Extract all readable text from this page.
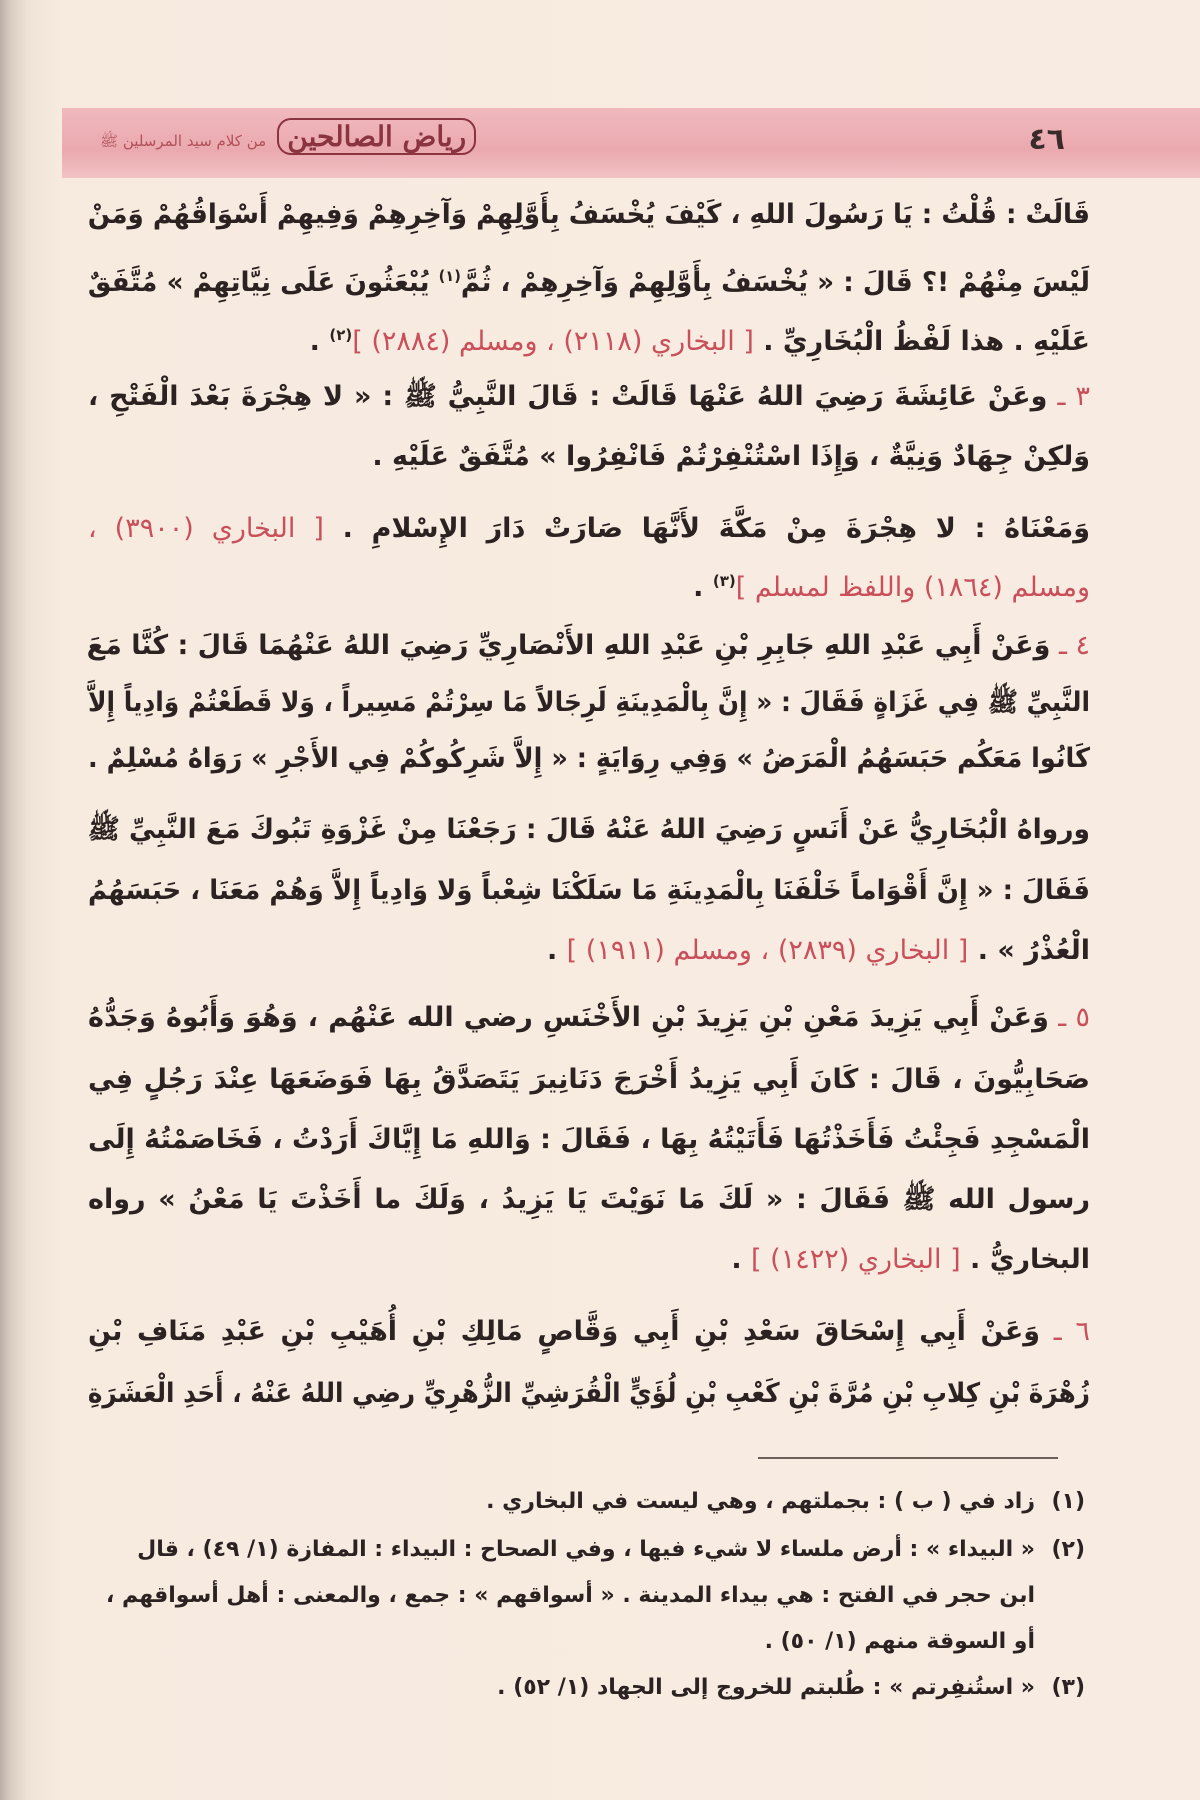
٤٦
رياض الصالحين من كلام سيد المرسلين ﷺ
قَالَتْ : قُلْتُ : يَا رَسُولَ اللهِ ، كَيْفَ يُخْسَفُ بِأَوَّلِهِمْ وَآخِرِهِمْ وَفِيهِمْ أَسْوَاقُهُمْ وَمَنْ
لَيْسَ مِنْهُمْ !؟ قَالَ : « يُخْسَفُ بِأَوَّلِهِمْ وَآخِرِهِمْ ، ثُمَّ$^{(١)}$ يُبْعَثُونَ عَلَى نِيَّاتِهِمْ » مُتَّفَقٌ
عَلَيْهِ . هذا لَفْظُ الْبُخَارِيِّ . [ البخاري (٢١١٨) ، ومسلم (٢٨٨٤) ]$^{(٢)}$ .
٣ ـ وعَنْ عَائِشَةَ رَضِيَ اللهُ عَنْهَا قَالَتْ : قَالَ النَّبِيُّ ﷺ : « لا هِجْرَةَ بَعْدَ الْفَتْحِ ،
وَلكِنْ جِهَادٌ وَنِيَّةٌ ، وَإِذَا اسْتُنْفِرْتُمْ فَانْفِرُوا » مُتَّفَقٌ عَلَيْهِ .
وَمَعْنَاهُ : لا هِجْرَةَ مِنْ مَكَّةَ لأَنَّهَا صَارَتْ دَارَ الإِسْلامِ . [ البخاري (٣٩٠٠) ،
ومسلم (١٨٦٤) واللفظ لمسلم ]$^{(٣)}$ .
٤ ـ وَعَنْ أَبِي عَبْدِ اللهِ جَابِرِ بْنِ عَبْدِ اللهِ الأَنْصَارِيِّ رَضِيَ اللهُ عَنْهُمَا قَالَ : كُنَّا مَعَ
النَّبِيِّ ﷺ فِي غَزَاةٍ فَقَالَ : « إِنَّ بِالْمَدِينَةِ لَرِجَالاً مَا سِرْتُمْ مَسِيراً ، وَلا قَطَعْتُمْ وَادِياً إِلاَّ
كَانُوا مَعَكُم حَبَسَهُمُ الْمَرَضُ » وَفِي رِوَايَةٍ : « إِلاَّ شَرِكُوكُمْ فِي الأَجْرِ » رَوَاهُ مُسْلِمٌ .
ورواهُ الْبُخَارِيُّ عَنْ أَنَسٍ رَضِيَ اللهُ عَنْهُ قَالَ : رَجَعْنَا مِنْ غَزْوَةِ تَبُوكَ مَعَ النَّبِيِّ ﷺ
فَقَالَ : « إِنَّ أَقْوَاماً خَلْفَنَا بِالْمَدِينَةِ مَا سَلَكْنَا شِعْباً وَلا وَادِياً إِلاَّ وَهُمْ مَعَنَا ، حَبَسَهُمُ
الْعُذْرُ » . [ البخاري (٢٨٣٩) ، ومسلم (١٩١١) ] .
٥ ـ وَعَنْ أَبِي يَزِيدَ مَعْنِ بْنِ يَزِيدَ بْنِ الأَخْنَسِ رضي الله عَنْهُم ، وَهُوَ وَأَبُوهُ وَجَدُّهُ
صَحَابِيُّونَ ، قَالَ : كَانَ أَبِي يَزِيدُ أَخْرَجَ دَنَانِيرَ يَتَصَدَّقُ بِهَا فَوَضَعَهَا عِنْدَ رَجُلٍ فِي
الْمَسْجِدِ فَجِئْتُ فَأَخَذْتُهَا فَأَتَيْتُهُ بِهَا ، فَقَالَ : وَاللهِ مَا إِيَّاكَ أَرَدْتُ ، فَخَاصَمْتُهُ إِلَى
رسول الله ﷺ فَقَالَ : « لَكَ مَا نَوَيْتَ يَا يَزِيدُ ، وَلَكَ ما أَخَذْتَ يَا مَعْنُ » رواه
البخاريُّ . [ البخاري (١٤٢٢) ] .
٦ ـ وَعَنْ أَبِي إِسْحَاقَ سَعْدِ بْنِ أَبِي وَقَّاصٍ مَالِكِ بْنِ أُهَيْبِ بْنِ عَبْدِ مَنَافِ بْنِ
زُهْرَةَ بْنِ كِلابِ بْنِ مُرَّةَ بْنِ كَعْبِ بْنِ لُؤَيٍّ الْقُرَشِيِّ الزُّهْرِيِّ رضِي اللهُ عَنْهُ ، أَحَدِ الْعَشَرَةِ
(١)زاد في ( ب ) : بجملتهم ، وهي ليست في البخاري .
(٢)« البيداء » : أرض ملساء لا شيء فيها ، وفي الصحاح : البيداء : المفازة (١/ ٤٩) ، قال
ابن حجر في الفتح : هي بيداء المدينة . « أسواقهم » : جمع ، والمعنى : أهل أسواقهم ،
أو السوقة منهم (١/ ٥٠) .
(٣)« استُنفِرتم » : طُلبتم للخروج إلى الجهاد (١/ ٥٢) .
